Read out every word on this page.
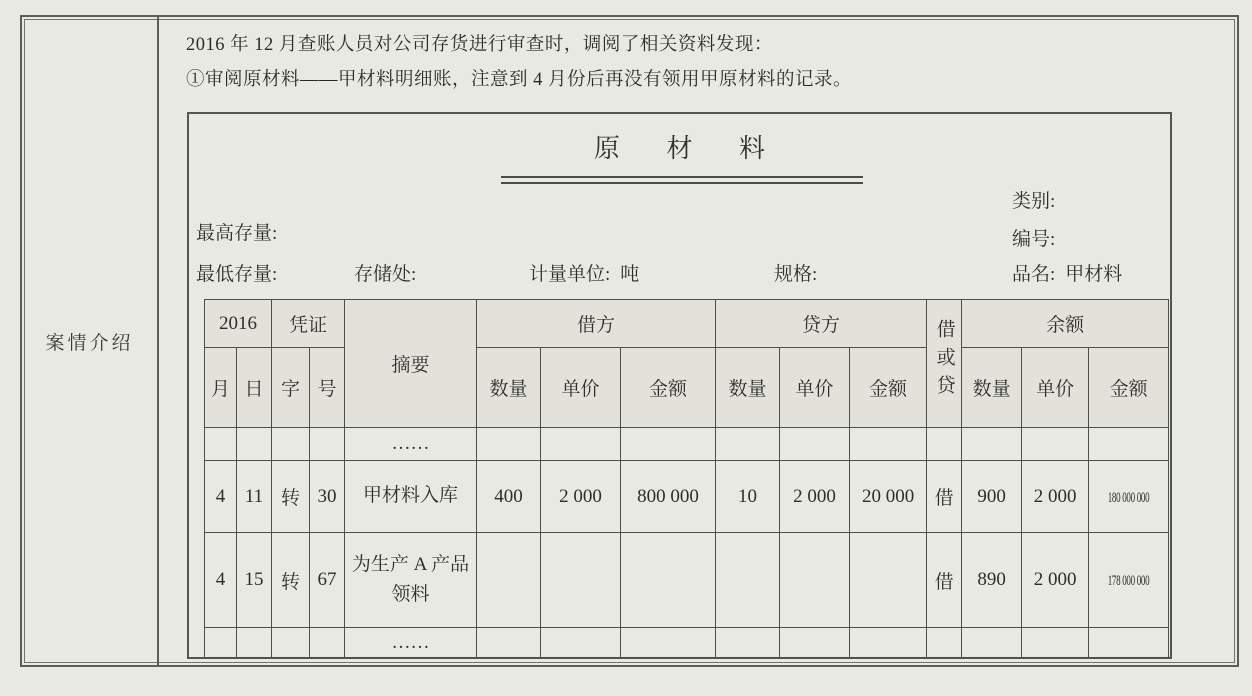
案情介绍
2016 年 12 月查账人员对公司存货进行审查时，调阅了相关资料发现：
①审阅原材料——甲材料明细账，注意到 4 月份后再没有领用甲原材料的记录。
原 材 料
类别:
最高存量:	编号:
最低存量:	存储处:	计量单位: 吨	规格:	品名: 甲材料
2016		凭证		摘要	借方			贷方			借或贷	余额		
月	日	字	号		数量	单价	金额	数量	单价	金额		数量	单价	金额
				……										
4	11	转	30	甲材料入库	400	2 000	800 000	10	2 000	20 000	借	900	2 000	180 000 000
4	15	转	67	为生产 A 产品领料							借	890	2 000	178 000 000
				……										
